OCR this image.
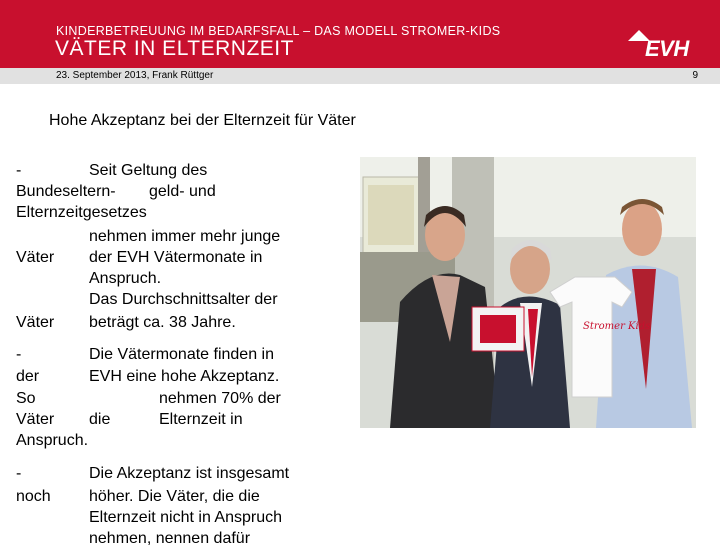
KINDERBETREUUNG IM BEDARFSFALL – DAS MODELL STROMER-KIDS
VÄTER IN ELTERNZEIT	EVH
23. September 2013, Frank Rüttger	9
Hohe Akzeptanz bei der Elternzeit für Väter
-	Seit Geltung des
Bundeseltern- geld- und
Elternzeitgesetzes
nehmen immer mehr junge
Väter der EVH Vätermonate in
Anspruch.
Das Durchschnittsalter der
Väter beträgt ca. 38 Jahre.
-	Die Vätermonate finden in
der	EVH eine hohe Akzeptanz.
So	nehmen 70% der
Väter die	Elternzeit in
Anspruch.
-	Die Akzeptanz ist insgesamt
noch höher. Die Väter, die die
Elternzeit nicht in Anspruch
nehmen, nennen dafür
Stromer Kids
